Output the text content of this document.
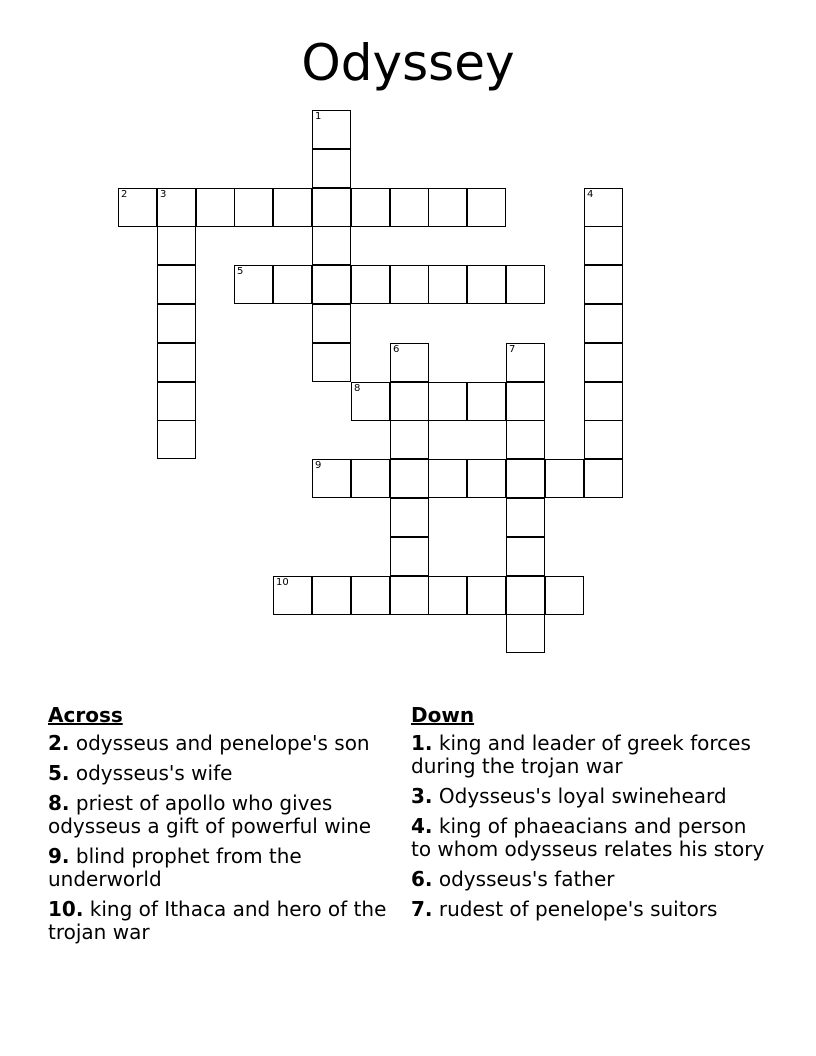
Odyssey
1
2	3	4
5
6	7
8
9
10
Across
2. odysseus and penelope's son
5. odysseus's wife
8. priest of apollo who gives odysseus a gift of powerful wine
9. blind prophet from the underworld
10. king of Ithaca and hero of the trojan war
Down
1. king and leader of greek forces during the trojan war
3. Odysseus's loyal swineheard
4. king of phaeacians and person to whom odysseus relates his story
6. odysseus's father
7. rudest of penelope's suitors
